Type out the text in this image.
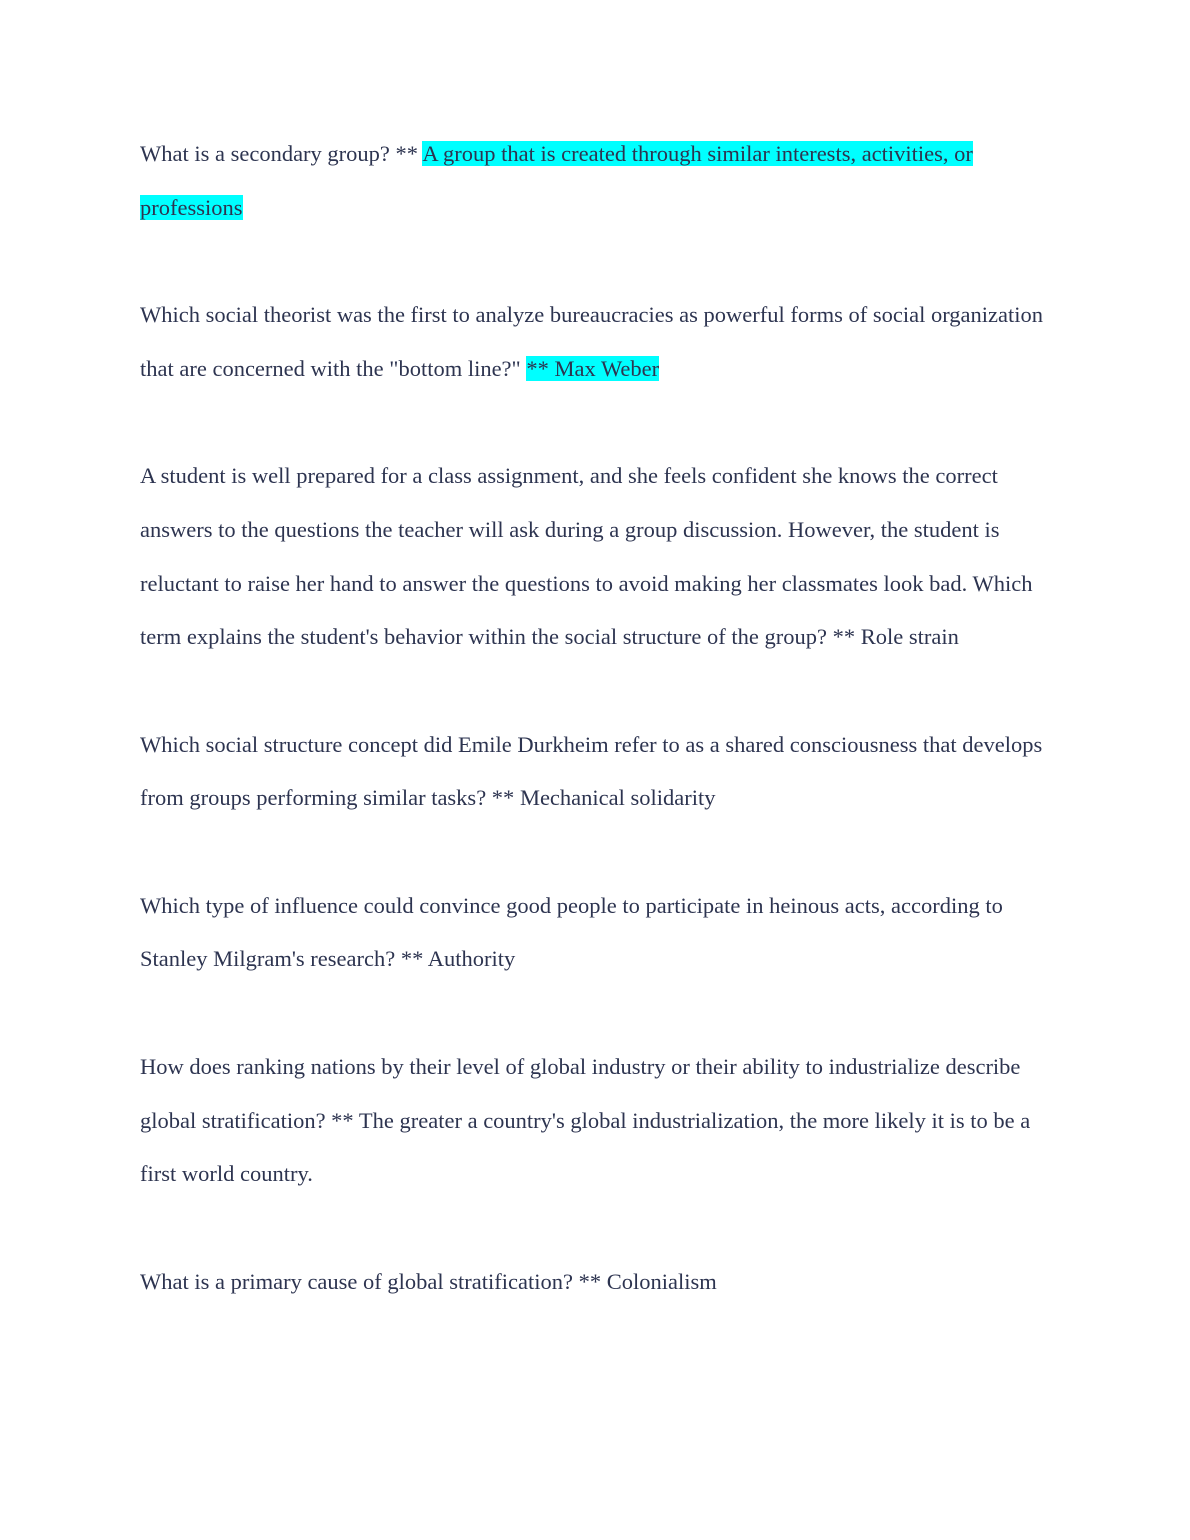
What is a secondary group? ** A group that is created through similar interests, activities, or professions

Which social theorist was the first to analyze bureaucracies as powerful forms of social organization that are concerned with the "bottom line?" ** Max Weber

A student is well prepared for a class assignment, and she feels confident she knows the correct answers to the questions the teacher will ask during a group discussion. However, the student is reluctant to raise her hand to answer the questions to avoid making her classmates look bad. Which term explains the student's behavior within the social structure of the group? ** Role strain

Which social structure concept did Emile Durkheim refer to as a shared consciousness that develops from groups performing similar tasks? ** Mechanical solidarity

Which type of influence could convince good people to participate in heinous acts, according to Stanley Milgram's research? ** Authority

How does ranking nations by their level of global industry or their ability to industrialize describe global stratification? ** The greater a country's global industrialization, the more likely it is to be a first world country.

What is a primary cause of global stratification? ** Colonialism
